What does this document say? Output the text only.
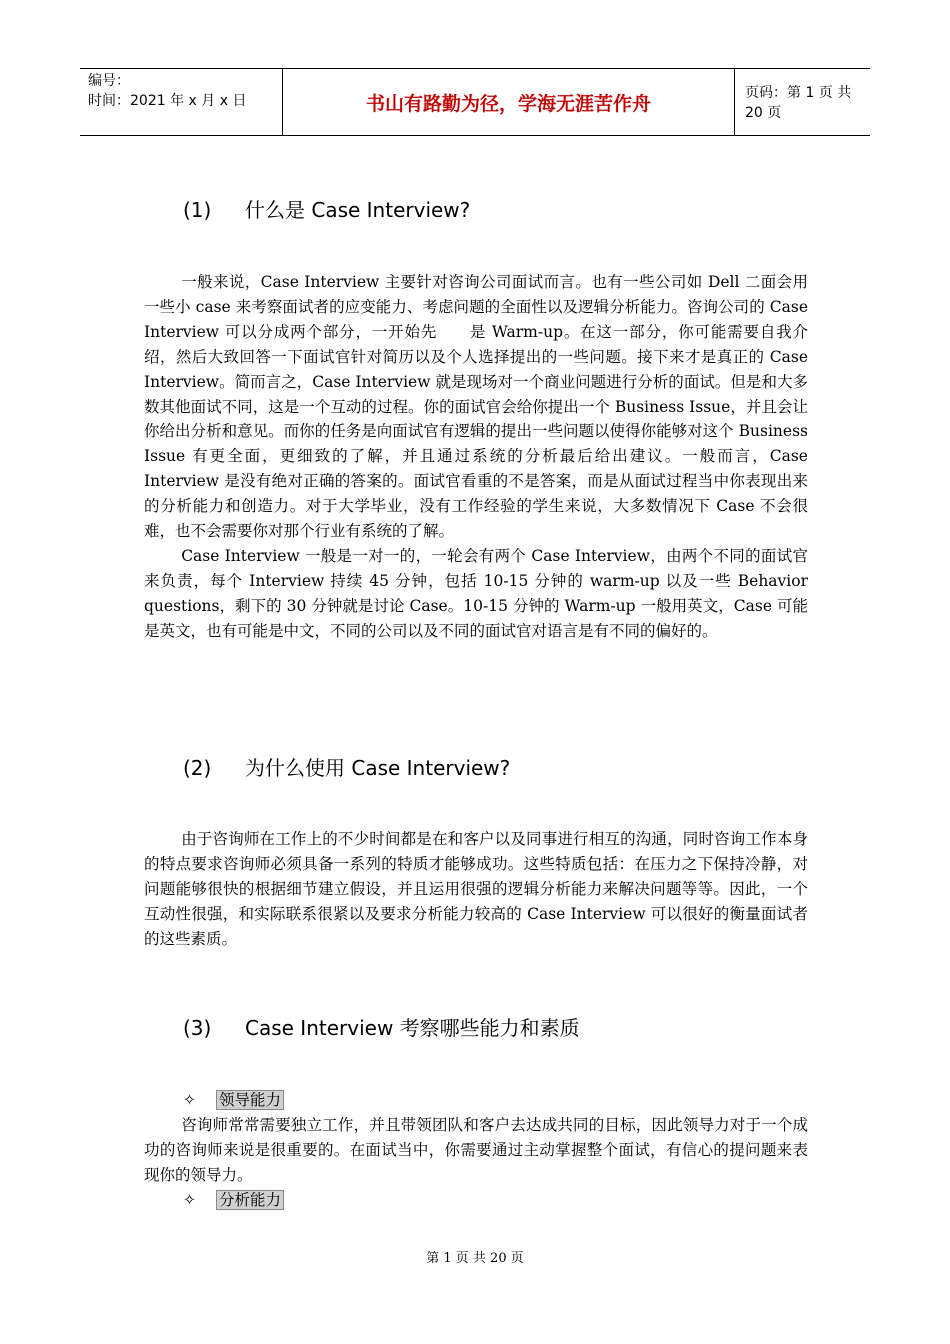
编号：
时间：2021 年 x 月 x 日	书山有路勤为径，学海无涯苦作舟	页码：第 1 页 共 20 页
(1) 什么是 Case Interview?

一般来说，Case Interview 主要针对咨询公司面试而言。也有一些公司如 Dell 二面会用一些小 case 来考察面试者的应变能力、考虑问题的全面性以及逻辑分析能力。咨询公司的 Case Interview 可以分成两个部分，一开始先　　是 Warm-up。在这一部分，你可能需要自我介绍，然后大致回答一下面试官针对简历以及个人选择提出的一些问题。接下来才是真正的 Case Interview。简而言之，Case Interview 就是现场对一个商业问题进行分析的面试。但是和大多数其他面试不同，这是一个互动的过程。你的面试官会给你提出一个 Business Issue，并且会让你给出分析和意见。而你的任务是向面试官有逻辑的提出一些问题以使得你能够对这个 Business Issue 有更全面，更细致的了解，并且通过系统的分析最后给出建议。一般而言，Case Interview 是没有绝对正确的答案的。面试官看重的不是答案，而是从面试过程当中你表现出来的分析能力和创造力。对于大学毕业，没有工作经验的学生来说，大多数情况下 Case 不会很难，也不会需要你对那个行业有系统的了解。

Case Interview 一般是一对一的，一轮会有两个 Case Interview，由两个不同的面试官来负责，每个 Interview 持续 45 分钟，包括 10-15 分钟的 warm-up 以及一些 Behavior questions，剩下的 30 分钟就是讨论 Case。10-15 分钟的 Warm-up 一般用英文，Case 可能是英文，也有可能是中文，不同的公司以及不同的面试官对语言是有不同的偏好的。

(2) 为什么使用 Case Interview?

由于咨询师在工作上的不少时间都是在和客户以及同事进行相互的沟通，同时咨询工作本身的特点要求咨询师必须具备一系列的特质才能够成功。这些特质包括：在压力之下保持冷静，对问题能够很快的根据细节建立假设，并且运用很强的逻辑分析能力来解决问题等等。因此，一个互动性很强，和实际联系很紧以及要求分析能力较高的 Case Interview 可以很好的衡量面试者的这些素质。

(3) Case Interview 考察哪些能力和素质
✧ 领导能力

咨询师常常需要独立工作，并且带领团队和客户去达成共同的目标，因此领导力对于一个成功的咨询师来说是很重要的。在面试当中，你需要通过主动掌握整个面试，有信心的提问题来表现你的领导力。

✧ 分析能力
第 1 页 共 20 页
